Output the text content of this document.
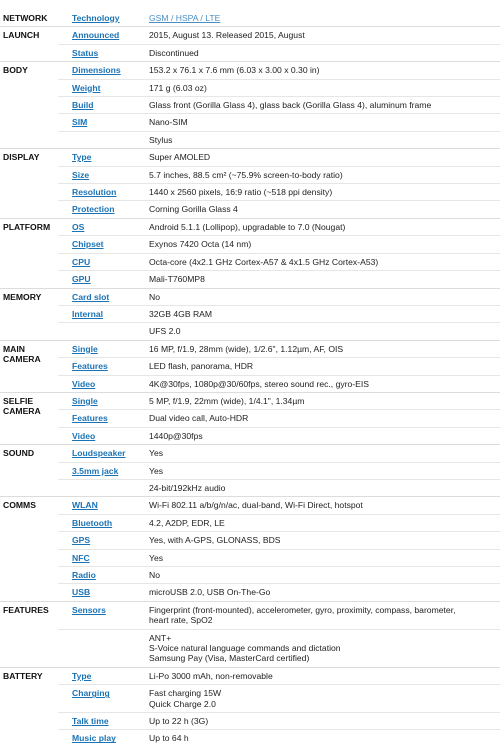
NETWORK	Technology	GSM / HSPA / LTE

LAUNCH	Announced	2015, August 13. Released 2015, August

	Status	Discontinued

BODY	Dimensions	153.2 x 76.1 x 7.6 mm (6.03 x 3.00 x 0.30 in)

	Weight	171 g (6.03 oz)

	Build	Glass front (Gorilla Glass 4), glass back (Gorilla Glass 4), aluminum frame

	SIM	Nano-SIM

		Stylus

DISPLAY	Type	Super AMOLED

	Size	5.7 inches, 88.5 cm² (~75.9% screen-to-body ratio)

	Resolution	1440 x 2560 pixels, 16:9 ratio (~518 ppi density)

	Protection	Corning Gorilla Glass 4

PLATFORM	OS	Android 5.1.1 (Lollipop), upgradable to 7.0 (Nougat)

	Chipset	Exynos 7420 Octa (14 nm)

	CPU	Octa-core (4x2.1 GHz Cortex-A57 & 4x1.5 GHz Cortex-A53)

	GPU	Mali-T760MP8

MEMORY	Card slot	No

	Internal	32GB 4GB RAM

		UFS 2.0

MAIN CAMERA	Single	16 MP, f/1.9, 28mm (wide), 1/2.6", 1.12µm, AF, OIS

	Features	LED flash, panorama, HDR

	Video	4K@30fps, 1080p@30/60fps, stereo sound rec., gyro-EIS

SELFIE CAMERA	Single	5 MP, f/1.9, 22mm (wide), 1/4.1", 1.34µm

	Features	Dual video call, Auto-HDR

	Video	1440p@30fps

SOUND	Loudspeaker	Yes

	3.5mm jack	Yes

		24-bit/192kHz audio

COMMS	WLAN	Wi-Fi 802.11 a/b/g/n/ac, dual-band, Wi-Fi Direct, hotspot

	Bluetooth	4.2, A2DP, EDR, LE

	GPS	Yes, with A-GPS, GLONASS, BDS

	NFC	Yes

	Radio	No

	USB	microUSB 2.0, USB On-The-Go

FEATURES	Sensors	Fingerprint (front-mounted), accelerometer, gyro, proximity, compass, barometer,
heart rate, SpO2

		ANT+
S-Voice natural language commands and dictation
Samsung Pay (Visa, MasterCard certified)

BATTERY	Type	Li-Po 3000 mAh, non-removable

	Charging	Fast charging 15W
Quick Charge 2.0

	Talk time	Up to 22 h (3G)

	Music play	Up to 64 h
